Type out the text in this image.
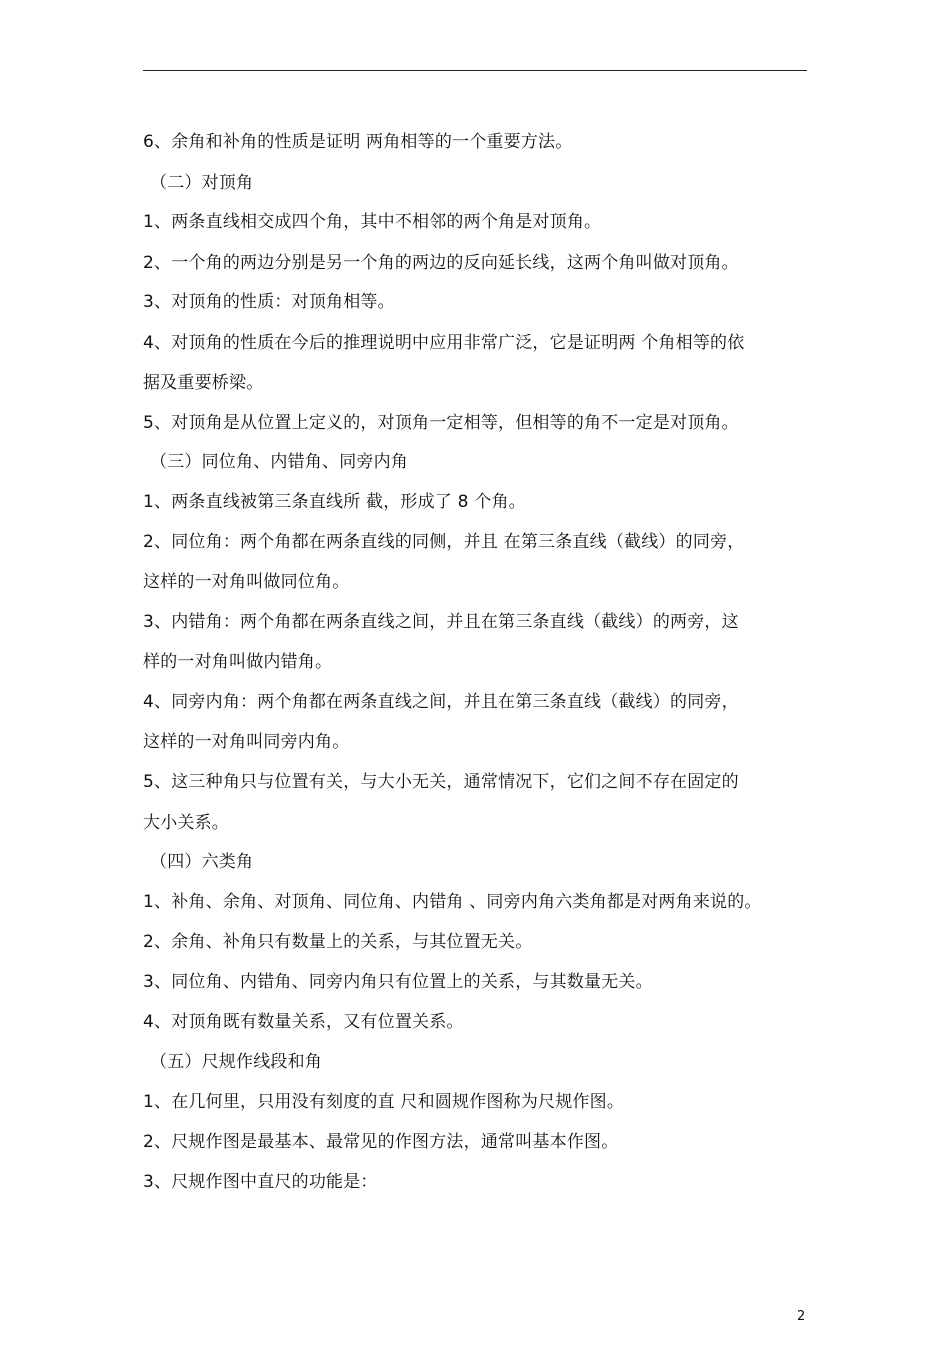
6、余角和补角的性质是证明 两角相等的一个重要方法。
（二）对顶角
1、两条直线相交成四个角，其中不相邻的两个角是对顶角。
2、一个角的两边分别是另一个角的两边的反向延长线，这两个角叫做对顶角。
3、对顶角的性质：对顶角相等。
4、对顶角的性质在今后的推理说明中应用非常广泛，它是证明两 个角相等的依
据及重要桥梁。
5、对顶角是从位置上定义的，对顶角一定相等，但相等的角不一定是对顶角。
（三）同位角、内错角、同旁内角
1、两条直线被第三条直线所 截，形成了 8 个角。
2、同位角：两个角都在两条直线的同侧，并且 在第三条直线（截线）的同旁，
这样的一对角叫做同位角。
3、内错角：两个角都在两条直线之间，并且在第三条直线（截线）的两旁，这
样的一对角叫做内错角。
4、同旁内角：两个角都在两条直线之间，并且在第三条直线（截线）的同旁，
这样的一对角叫同旁内角。
5、这三种角只与位置有关，与大小无关，通常情况下，它们之间不存在固定的
大小关系。
（四）六类角
1、补角、余角、对顶角、同位角、内错角 、同旁内角六类角都是对两角来说的。
2、余角、补角只有数量上的关系，与其位置无关。
3、同位角、内错角、同旁内角只有位置上的关系，与其数量无关。
4、对顶角既有数量关系，又有位置关系。
（五）尺规作线段和角
1、在几何里，只用没有刻度的直 尺和圆规作图称为尺规作图。
2、尺规作图是最基本、最常见的作图方法，通常叫基本作图。
3、尺规作图中直尺的功能是：
2
